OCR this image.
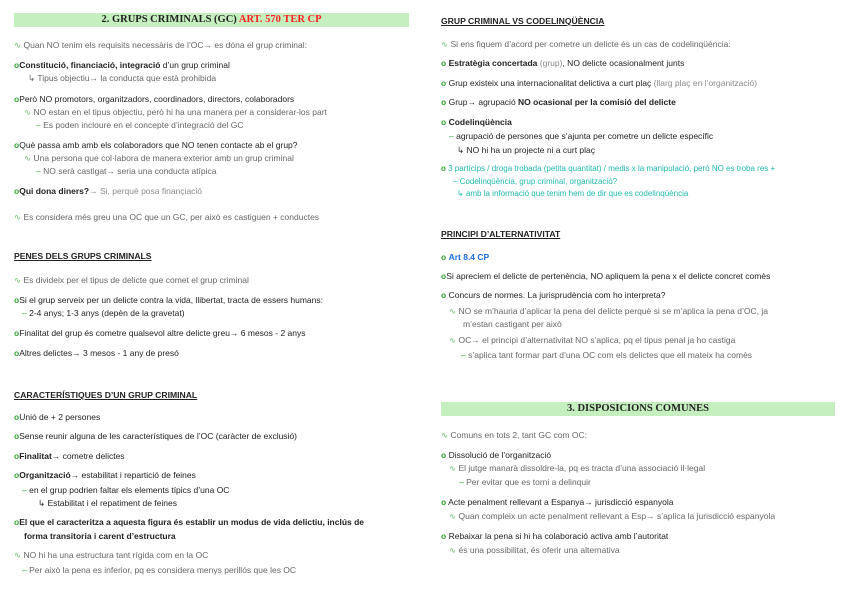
2. GRUPS CRIMINALS (GC) ART. 570 TER CP
∿ Quan NO tenim els requisits necessàris de l’OC→ es dóna el grup criminal:
oConstitució, financiació, integració d’un grup criminal
↳ Tipus objectiu→ la conducta que està prohibida
oPerò NO promotors, organitzadors, coordinadors, directors, colaboradors
∿ NO estan en el tipus objectiu, però hi ha una manera per a considerar-los part
– Es poden incloure en el concepte d’integració del GC
oQuè passa amb amb els colaboradors que NO tenen contacte ab el grup?
∿ Una persona que col·labora de manera exterior amb un grup criminal
– NO serà castigat→ seria una conducta atípica
oQui dona diners?→ Si, perquè posa finançiació
∿ Es considera més greu una OC que un GC, per això es castiguen + conductes
PENES DELS GRUPS CRIMINALS
∿ Es divideix per el tipus de delicte que comet el grup criminal
oSi el grup serveix per un delicte contra la vida, llibertat, tracta de essers humans:
– 2-4 anys; 1-3 anys (depèn de la gravetat)
oFinalitat del grup és cometre qualsevol altre delicte greu→ 6 mesos - 2 anys
oAltres delictes→ 3 mesos - 1 any de presó
CARACTERÍSTIQUES D’UN GRUP CRIMINAL
oUnió de + 2 persones
oSense reunir alguna de les característiques de l’OC (caràcter de exclusió)
oFinalitat→ cometre delictes
oOrganització→ estabilitat i repartició de feines
– en el grup podrien faltar els elements típics d’una OC
↳ Estabilitat i el repatiment de feines
oEl que el caracteritza a aquesta figura és establir un modus de vida delictiu, inclús de
forma transitoria i carent d’estructura
∿ NO hi ha una estructura tant rígida com en la OC
– Per això la pena es inferior, pq es considera menys perillós que les OC
GRUP CRIMINAL VS CODELINQÜÈNCIA
∿ Si ens fiquem d’acord per cometre un delicte és un cas de codelinqüència:
o Estratègia concertada (grup), NO delicte ocasionalment junts
o Grup existeix una internacionalitat delictiva a curt plaç (llarg plaç en l’organització)
o Grup→ agrupació NO ocasional per la comisió del delicte
o Codelinqüència
– agrupació de persones que s’ajunta per cometre un delicte específic
↳ NO hi ha un projecte ni a curt plaç
o 3 partícips / droga trobada (petita quantitat) / medis x la manipulació, però NO es troba res +
– Codelinqüència, grup criminal, organització?
↳ amb la informació que tenim hem de dir que es codelinqüència
PRINCIPI D’ALTERNATIVITAT
o Art 8.4 CP
oSi apreciem el delicte de pertenència, NO apliquem la pena x el delicte concret comès
o Concurs de normes. La jurisprudència com ho interpreta?
∿ NO se m’hauria d’aplicar la pena del delicte perquè si se m’aplica la pena d’OC, ja
m’estan castigant per això
∿ OC→ el principi d’alternativitat NO s’aplica, pq el tipus penal ja ho castiga
– s’aplica tant formar part d’una OC com els delictes que ell mateix ha comès
3. DISPOSICIONS COMUNES
∿ Comuns en tots 2, tant GC com OC:
o Dissolució de l’organització
∿ El jutge manarà dissoldre-la, pq es tracta d’una associació il·legal
– Per evitar que es torni a delinquir
o Acte penalment rellevant a Espanya→ jurisdicció espanyola
∿ Quan compleix un acte penalment rellevant a Esp→ s’aplica la jurisdicció espanyola
o Rebaixar la pena si hi ha colaboració activa amb l’autoritat
∿ és una possibilitat, és oferir una alternativa
